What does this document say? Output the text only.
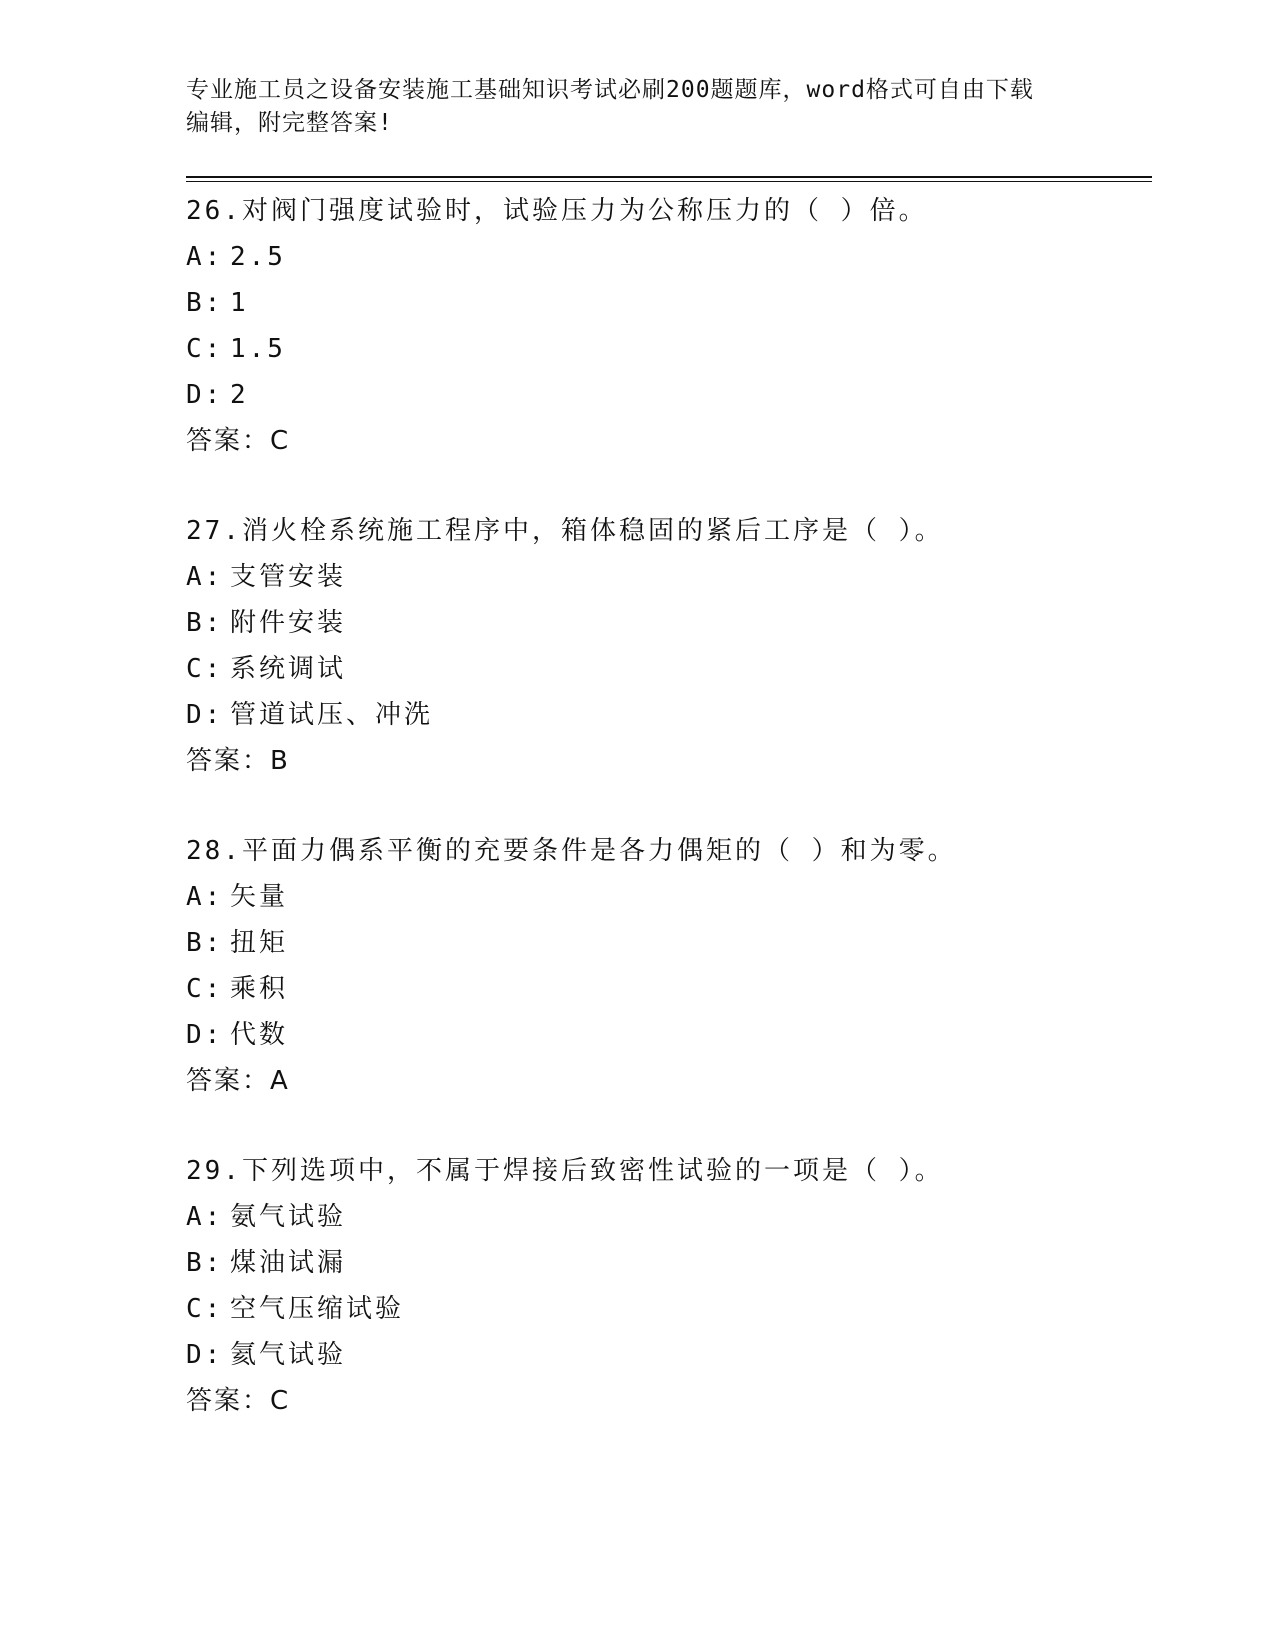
专业施工员之设备安装施工基础知识考试必刷200题题库，word格式可自由下载
编辑，附完整答案!
26.对阀门强度试验时，试验压力为公称压力的（ ）倍。
A: 2.5
B: 1
C: 1.5
D: 2
答案：C
27.消火栓系统施工程序中，箱体稳固的紧后工序是（ ）。
A: 支管安装
B: 附件安装
C: 系统调试
D: 管道试压、冲洗
答案：B
28.平面力偶系平衡的充要条件是各力偶矩的（ ）和为零。
A: 矢量
B: 扭矩
C: 乘积
D: 代数
答案：A
29.下列选项中，不属于焊接后致密性试验的一项是（ ）。
A: 氨气试验
B: 煤油试漏
C: 空气压缩试验
D: 氦气试验
答案：C
